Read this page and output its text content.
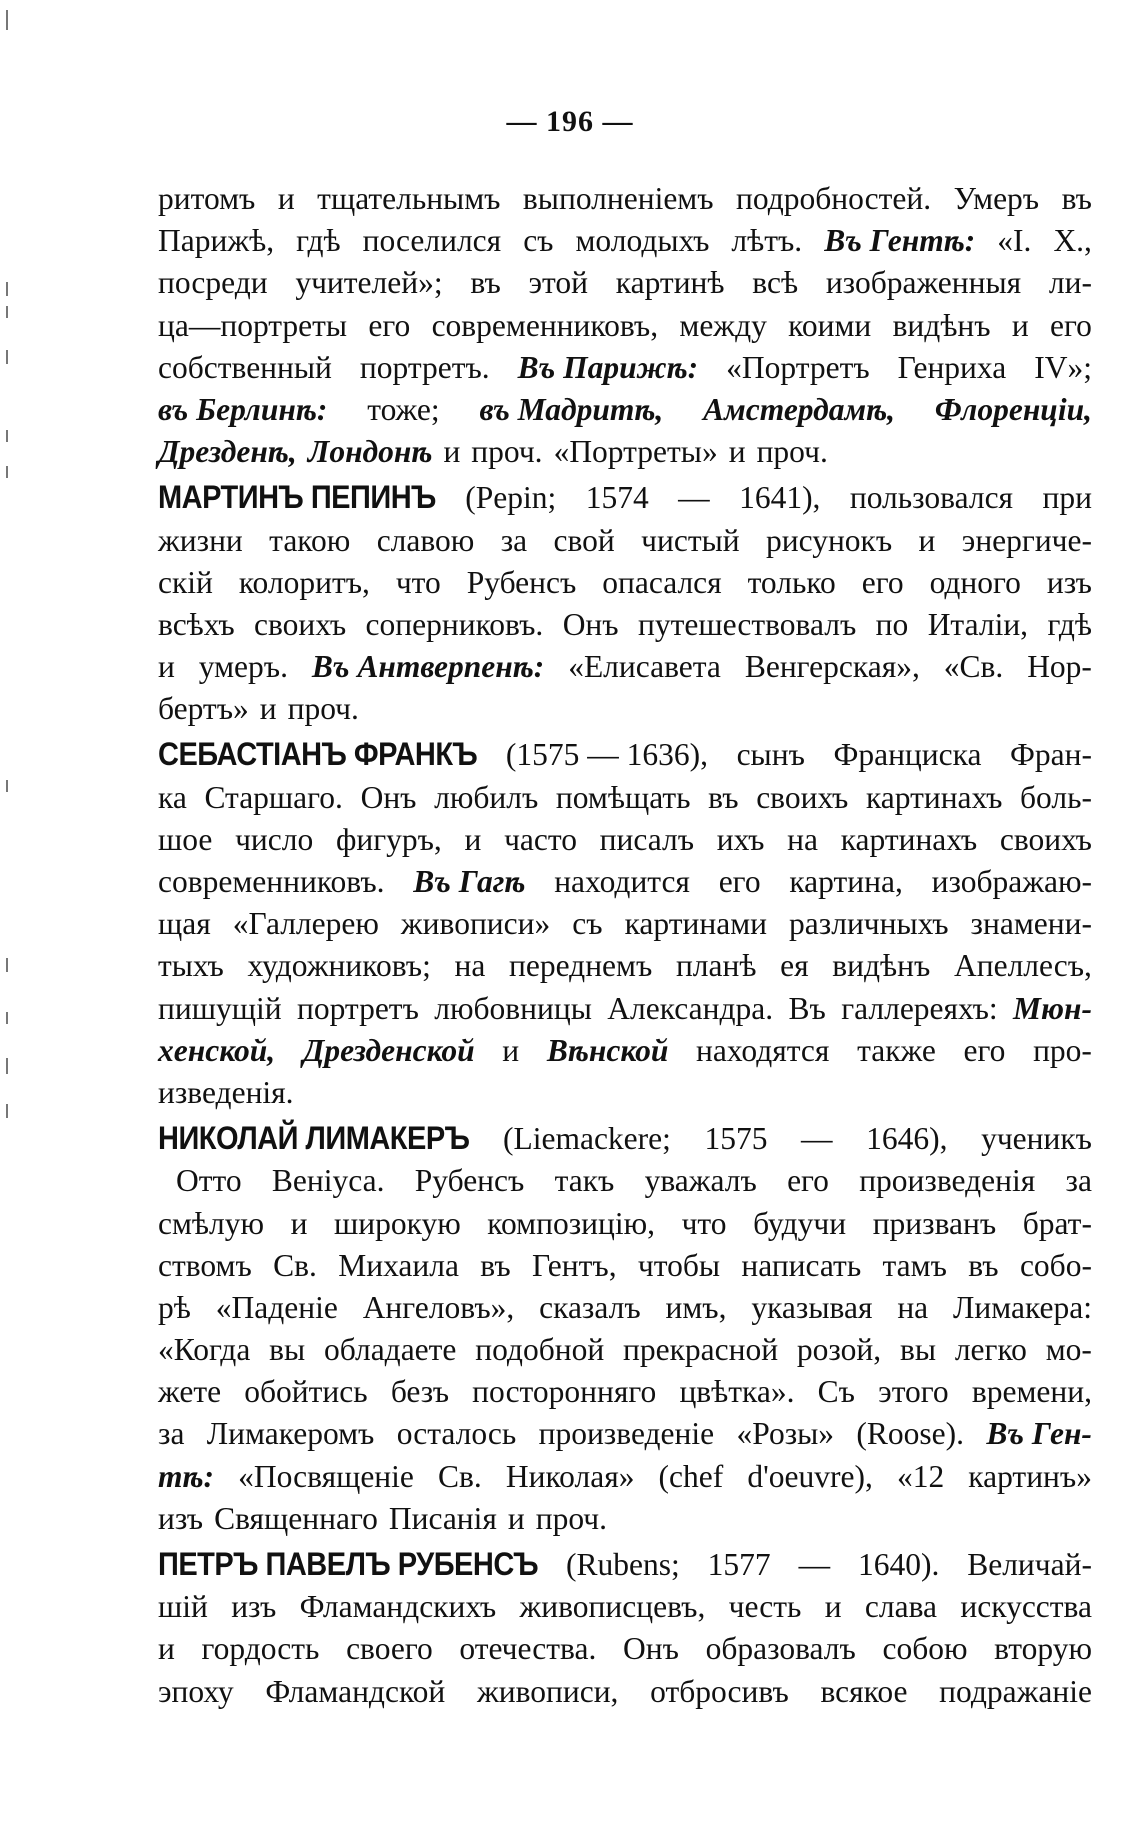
— 196 —
ритомъ и тщательнымъ выполненіемъ подробностей. Умеръ въ
Парижѣ, гдѣ поселился съ молодыхъ лѣтъ. Въ Гентѣ: «I. Х.,
посреди учителей»; въ этой картинѣ всѣ изображенныя ли-
ца—портреты его современниковъ, между коими видѣнъ и его
собственный портретъ. Въ Парижѣ: «Портретъ Генриха IV»;
въ Берлинѣ: тоже; въ Мадритѣ, Амстердамѣ, Флоренціи,
Дрезденѣ, Лондонѣ и проч. «Портреты» и проч.
МАРТИНЪ ПЕПИНЪ (Pepin; 1574 — 1641), пользовался при
жизни такою славою за свой чистый рисунокъ и энергиче-
скій колоритъ, что Рубенсъ опасался только его одного изъ
всѣхъ своихъ соперниковъ. Онъ путешествовалъ по Италіи, гдѣ
и умеръ. Въ Антверпенѣ: «Елисавета Венгерская», «Св. Нор-
бертъ» и проч.
СЕБАСТІАНЪ ФРАНКЪ (1575 — 1636), сынъ Франциска Фран-
ка Старшаго. Онъ любилъ помѣщать въ своихъ картинахъ боль-
шое число фигуръ, и часто писалъ ихъ на картинахъ своихъ
современниковъ. Въ Гагѣ находится его картина, изображаю-
щая «Галлерею живописи» съ картинами различныхъ знамени-
тыхъ художниковъ; на переднемъ планѣ ея видѣнъ Апеллесъ,
пишущій портретъ любовницы Александра. Въ галлереяхъ: Мюн-
хенской, Дрезденской и Вѣнской находятся также его про-
изведенія.
НИКОЛАЙ ЛИМАКЕРЪ (Liemackere; 1575 — 1646), ученикъ
Отто Веніуса. Рубенсъ такъ уважалъ его произведенія за
смѣлую и широкую композицію, что будучи призванъ брат-
ствомъ Св. Михаила въ Гентъ, чтобы написать тамъ въ собо-
рѣ «Паденіе Ангеловъ», сказалъ имъ, указывая на Лимакера:
«Когда вы обладаете подобной прекрасной розой, вы легко мо-
жете обойтись безъ посторонняго цвѣтка». Съ этого времени,
за Лимакеромъ осталось произведеніе «Розы» (Roose). Въ Ген-
тѣ: «Посвященіе Св. Николая» (chef d'oeuvre), «12 картинъ»
изъ Священнаго Писанія и проч.
ПЕТРЪ ПАВЕЛЪ РУБЕНСЪ (Rubens; 1577 — 1640). Величай-
шій изъ Фламандскихъ живописцевъ, честь и слава искусства
и гордость своего отечества. Онъ образовалъ собою вторую
эпоху Фламандской живописи, отбросивъ всякое подражаніе
